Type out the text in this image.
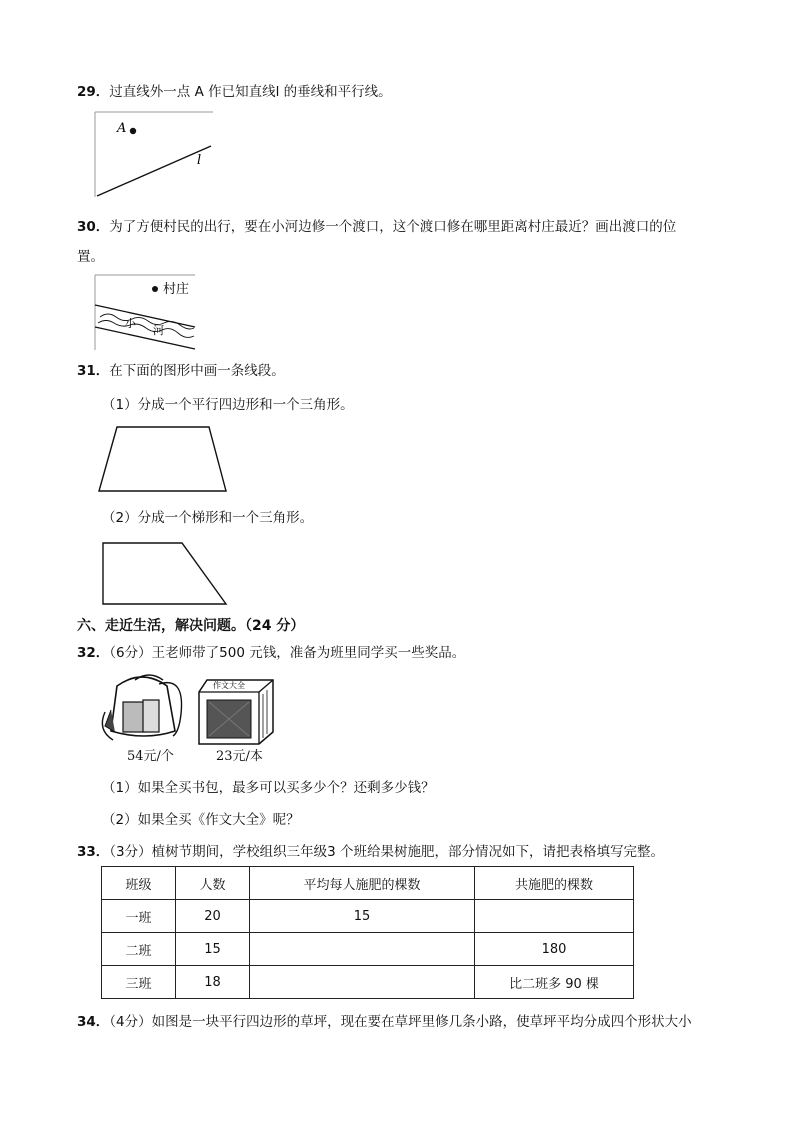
29．过直线外一点 A 作已知直线l 的垂线和平行线。
A
l
30．为了方便村民的出行，要在小河边修一个渡口，这个渡口修在哪里距离村庄最近？画出渡口的位
置。
村庄
小
河
31．在下面的图形中画一条线段。
（1）分成一个平行四边形和一个三角形。
（2）分成一个梯形和一个三角形。
六、走近生活，解决问题。（24 分）
32．（6分）王老师带了500 元钱，准备为班里同学买一些奖品。
54元/个
作文大全
23元/本
（1）如果全买书包，最多可以买多少个？还剩多少钱？
（2）如果全买《作文大全》呢？
33．（3分）植树节期间，学校组织三年级3 个班给果树施肥，部分情况如下，请把表格填写完整。
班级	人数	平均每人施肥的棵数	共施肥的棵数
一班	20	15	
二班	15		180
三班	18		比二班多 90 棵
34．（4分）如图是一块平行四边形的草坪，现在要在草坪里修几条小路，使草坪平均分成四个形状大小
